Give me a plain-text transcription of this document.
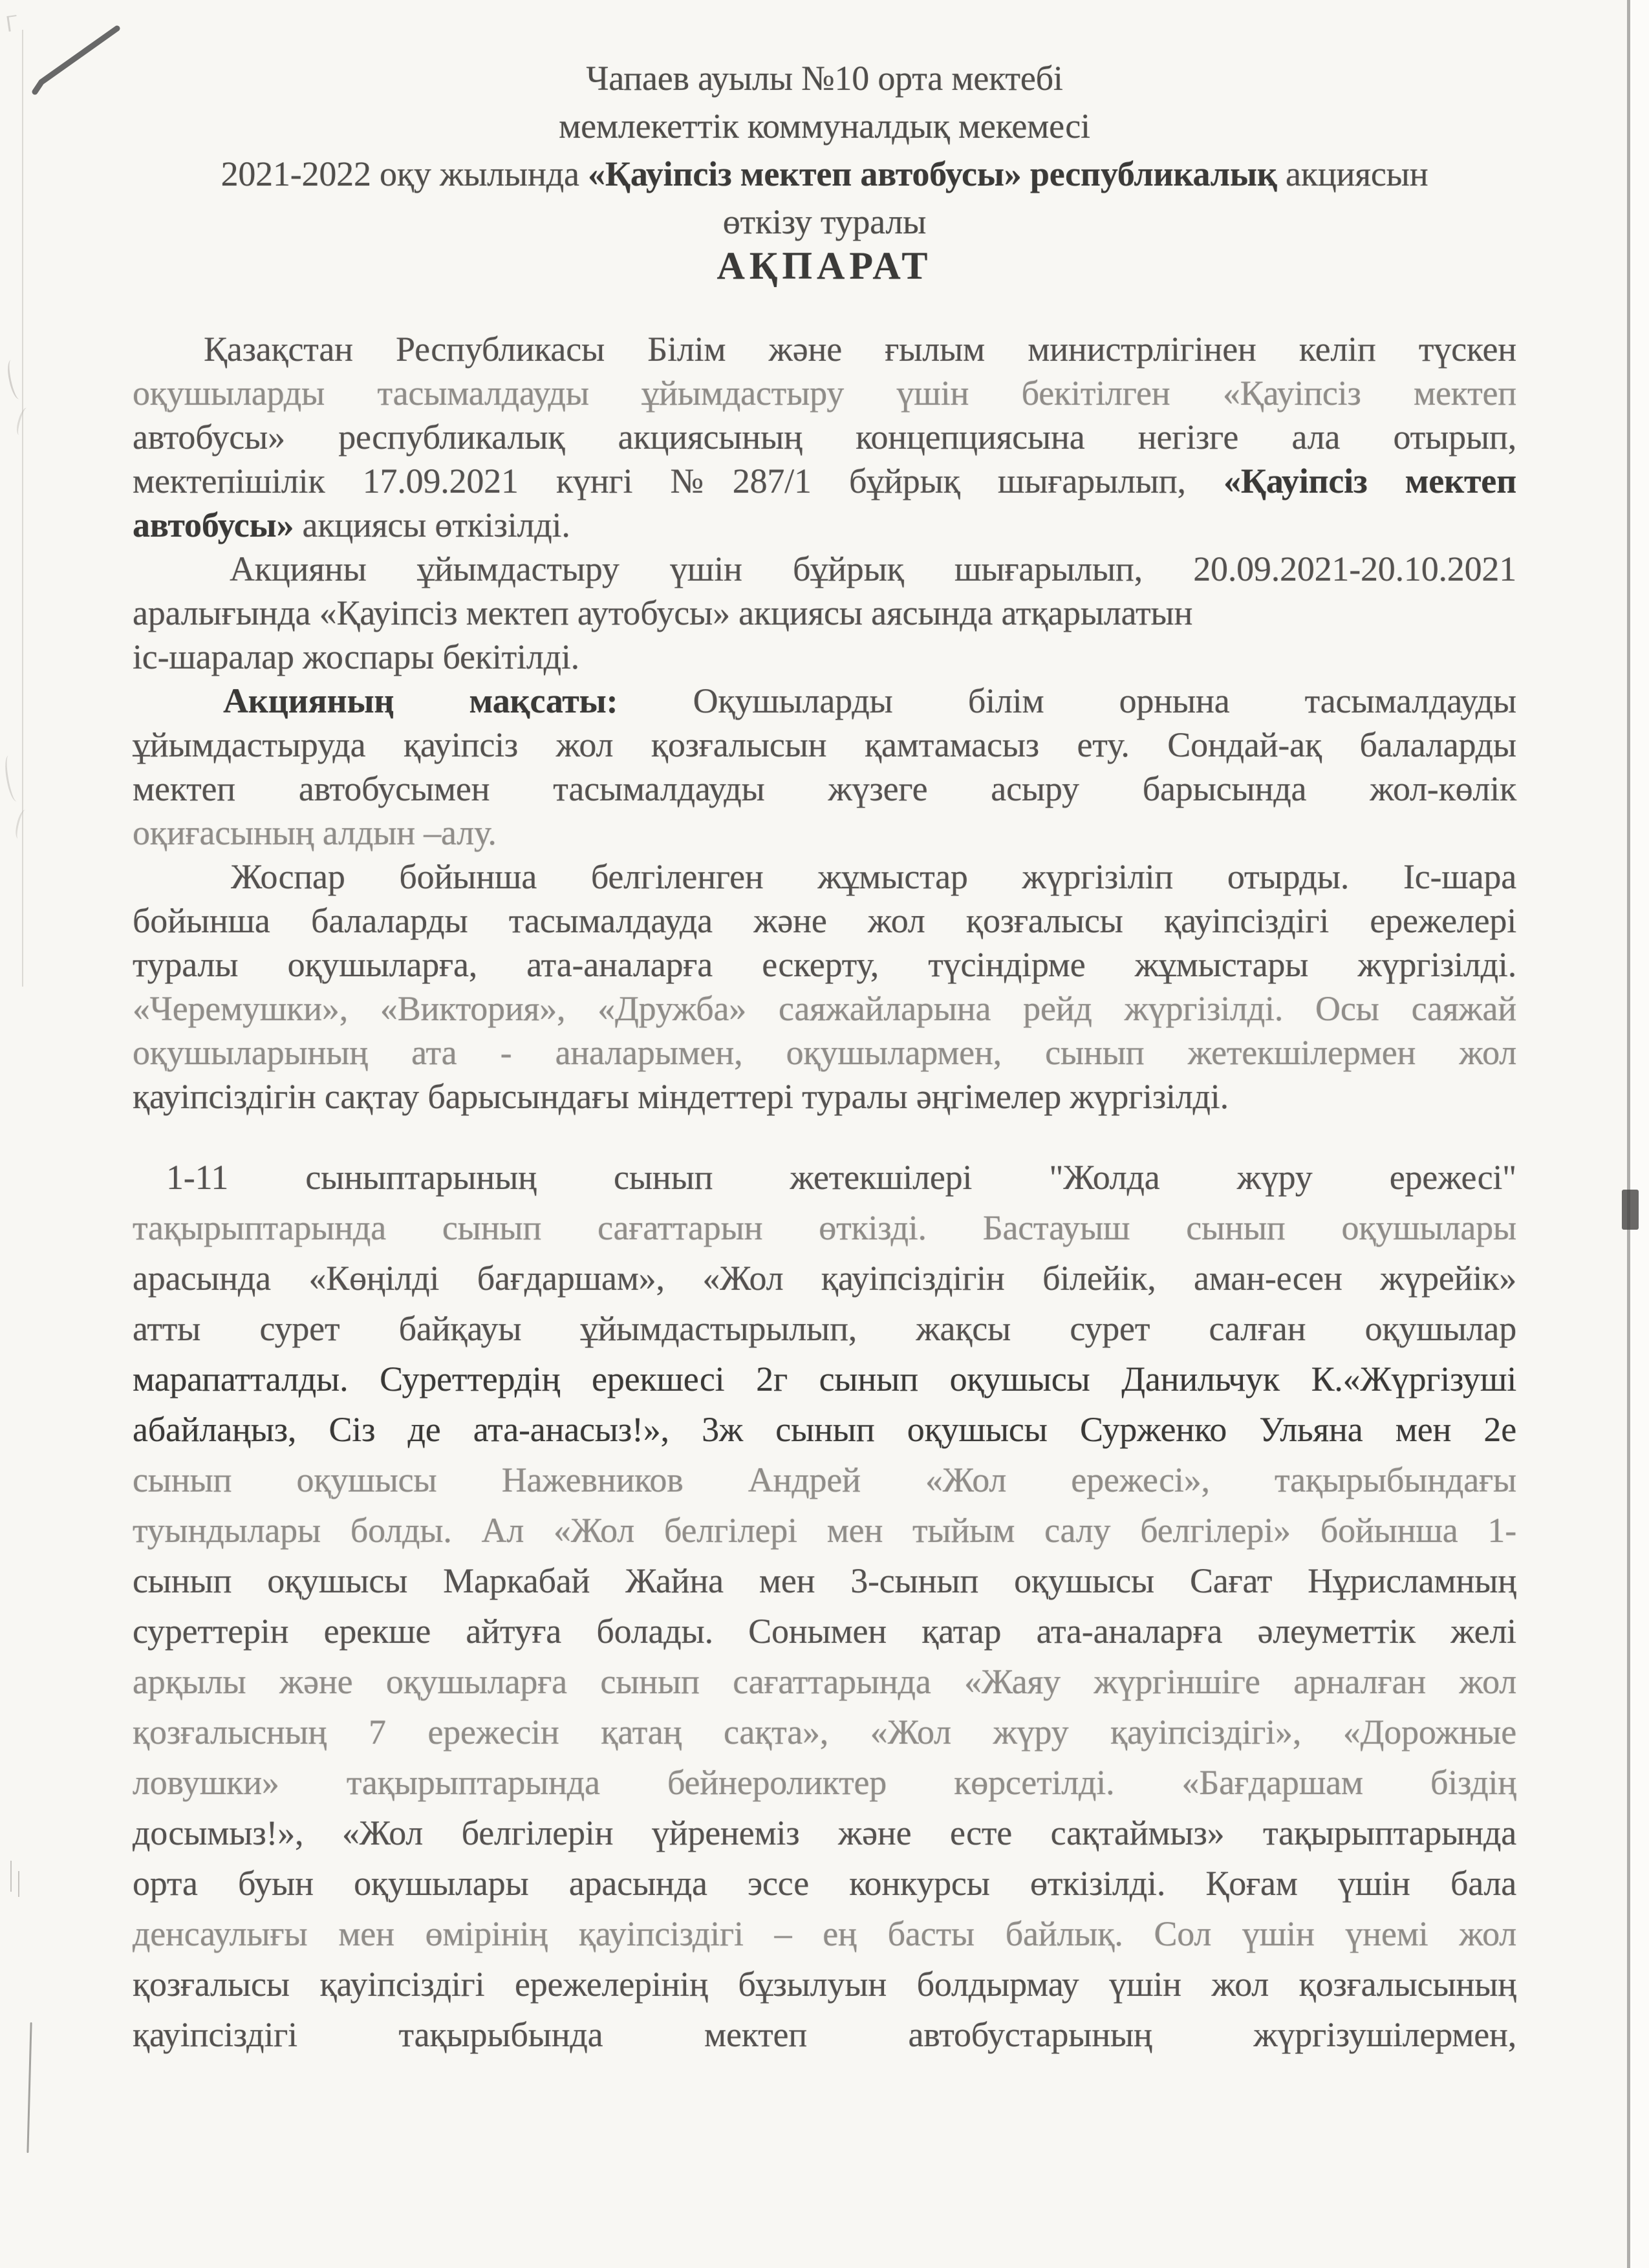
Чапаев ауылы №10 орта мектебі
мемлекеттік коммуналдық мекемесі
2021-2022 оқу жылында «Қауіпсіз мектеп автобусы» республикалық акциясын
өткізу туралы
АҚПАРАТ
Қазақстан Республикасы Білім және ғылым министрлігінен келіп түскен
оқушыларды тасымалдауды ұйымдастыру үшін бекітілген «Қауіпсіз мектеп
автобусы» республикалық акциясының концепциясына негізге ала отырып,
мектепішілік 17.09.2021 күнгі №287/1 бұйрық шығарылып, «Қауіпсіз мектеп
автобусы» акциясы өткізілді.
Акцияны ұйымдастыру үшін бұйрық шығарылып, 20.09.2021-20.10.2021
аралығында «Қауіпсіз мектеп аутобусы» акциясы аясында атқарылатын
іс-шаралар жоспары бекітілді.
Акцияның мақсаты: Оқушыларды білім орнына тасымалдауды
ұйымдастыруда қауіпсіз жол қозғалысын қамтамасыз ету. Сондай-ақ балаларды
мектеп автобусымен тасымалдауды жүзеге асыру барысында жол-көлік
оқиғасының алдын –алу.
Жоспар бойынша белгіленген жұмыстар жүргізіліп отырды. Іс-шара
бойынша балаларды тасымалдауда және жол қозғалысы қауіпсіздігі ережелері
туралы оқушыларға, ата-аналарға ескерту, түсіндірме жұмыстары жүргізілді.
«Черемушки», «Виктория», «Дружба» саяжайларына рейд жүргізілді. Осы саяжай
оқушыларының ата - аналарымен, оқушылармен, сынып жетекшілермен жол
қауіпсіздігін сақтау барысындағы міндеттері туралы әңгімелер жүргізілді.
1-11 сыныптарының сынып жетекшілері "Жолда жүру ережесі"
тақырыптарында сынып сағаттарын өткізді. Бастауыш сынып оқушылары
арасында «Көңілді бағдаршам», «Жол қауіпсіздігін білейік, аман-есен жүрейік»
атты сурет байқауы ұйымдастырылып, жақсы сурет салған оқушылар
марапатталды. Суреттердің ерекшесі 2г сынып оқушысы Данильчук К.«Жүргізуші
абайлаңыз, Сіз де ата-анасыз!», 3ж сынып оқушысы Сурженко Ульяна мен 2е
сынып оқушысы Нажевников Андрей «Жол ережесі», тақырыбындағы
туындылары болды. Ал «Жол белгілері мен тыйым салу белгілері» бойынша 1-
сынып оқушысы Маркабай Жайна мен 3-сынып оқушысы Сағат Нұрисламның
суреттерін ерекше айтуға болады. Сонымен қатар ата-аналарға әлеуметтік желі
арқылы және оқушыларға сынып сағаттарында «Жаяу жүргіншіге арналған жол
қозғалысның 7 ережесін қатаң сақта», «Жол жүру қауіпсіздігі», «Дорожные
ловушки» тақырыптарында бейнероликтер көрсетілді. «Бағдаршам біздің
досымыз!», «Жол белгілерін үйренеміз және есте сақтаймыз» тақырыптарында
орта буын оқушылары арасында эссе конкурсы өткізілді. Қоғам үшін бала
денсаулығы мен өмірінің қауіпсіздігі – ең басты байлық. Сол үшін үнемі жол
қозғалысы қауіпсіздігі ережелерінің бұзылуын болдырмау үшін жол қозғалысының
қауіпсіздігі тақырыбында мектеп автобустарының жүргізушілермен,
